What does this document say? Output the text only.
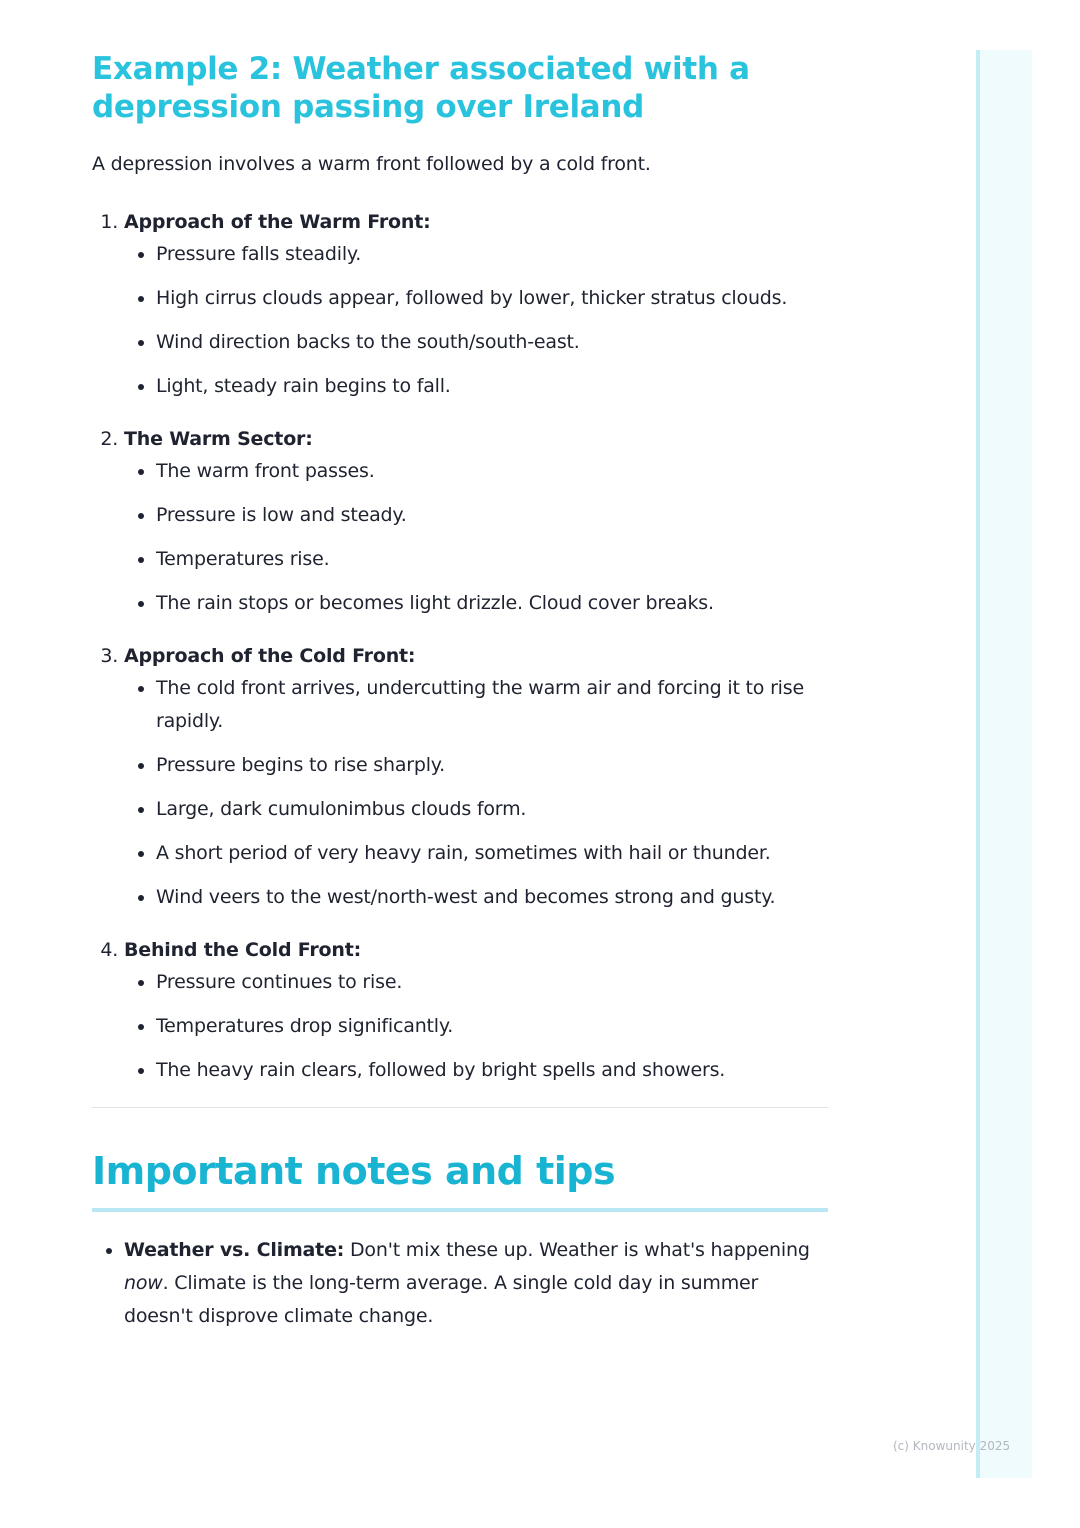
Example 2: Weather associated with a depression passing over Ireland

A depression involves a warm front followed by a cold front.

1. Approach of the Warm Front:
• Pressure falls steadily.
• High cirrus clouds appear, followed by lower, thicker stratus clouds.
• Wind direction backs to the south/south-east.
• Light, steady rain begins to fall.
2. The Warm Sector:
• The warm front passes.
• Pressure is low and steady.
• Temperatures rise.
• The rain stops or becomes light drizzle. Cloud cover breaks.
3. Approach of the Cold Front:
• The cold front arrives, undercutting the warm air and forcing it to rise rapidly.
• Pressure begins to rise sharply.
• Large, dark cumulonimbus clouds form.
• A short period of very heavy rain, sometimes with hail or thunder.
• Wind veers to the west/north-west and becomes strong and gusty.
4. Behind the Cold Front:
• Pressure continues to rise.
• Temperatures drop significantly.
• The heavy rain clears, followed by bright spells and showers.
Important notes and tips
• Weather vs. Climate: Don't mix these up. Weather is what's happening now. Climate is the long-term average. A single cold day in summer doesn't disprove climate change.
(c) Knowunity 2025
